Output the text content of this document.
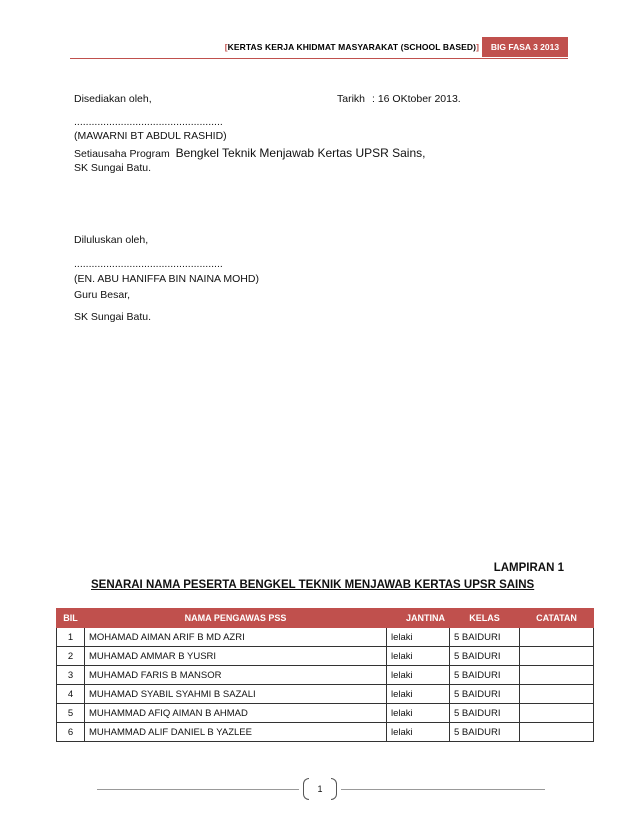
[KERTAS KERJA KHIDMAT MASYARAKAT (SCHOOL BASED)]	BIG FASA 3 2013
Disediakan oleh,	Tarikh : 16 OKtober 2013.
...................................................
(MAWARNI BT ABDUL RASHID)
Setiausaha Program Bengkel Teknik Menjawab Kertas UPSR Sains,
SK Sungai Batu.
Diluluskan oleh,
...................................................
(EN. ABU HANIFFA BIN NAINA MOHD)
Guru Besar,
SK Sungai Batu.
LAMPIRAN 1
SENARAI NAMA PESERTA BENGKEL TEKNIK MENJAWAB KERTAS UPSR SAINS
BIL	NAMA PENGAWAS PSS	JANTINA	KELAS	CATATAN
1	MOHAMAD AIMAN ARIF B MD AZRI	lelaki	5 BAIDURI	
2	MUHAMAD AMMAR B YUSRI	lelaki	5 BAIDURI	
3	MUHAMAD FARIS B MANSOR	lelaki	5 BAIDURI	
4	MUHAMAD SYABIL SYAHMI B SAZALI	lelaki	5 BAIDURI	
5	MUHAMMAD AFIQ AIMAN B AHMAD	lelaki	5 BAIDURI	
6	MUHAMMAD ALIF DANIEL B YAZLEE	lelaki	5 BAIDURI	
1
